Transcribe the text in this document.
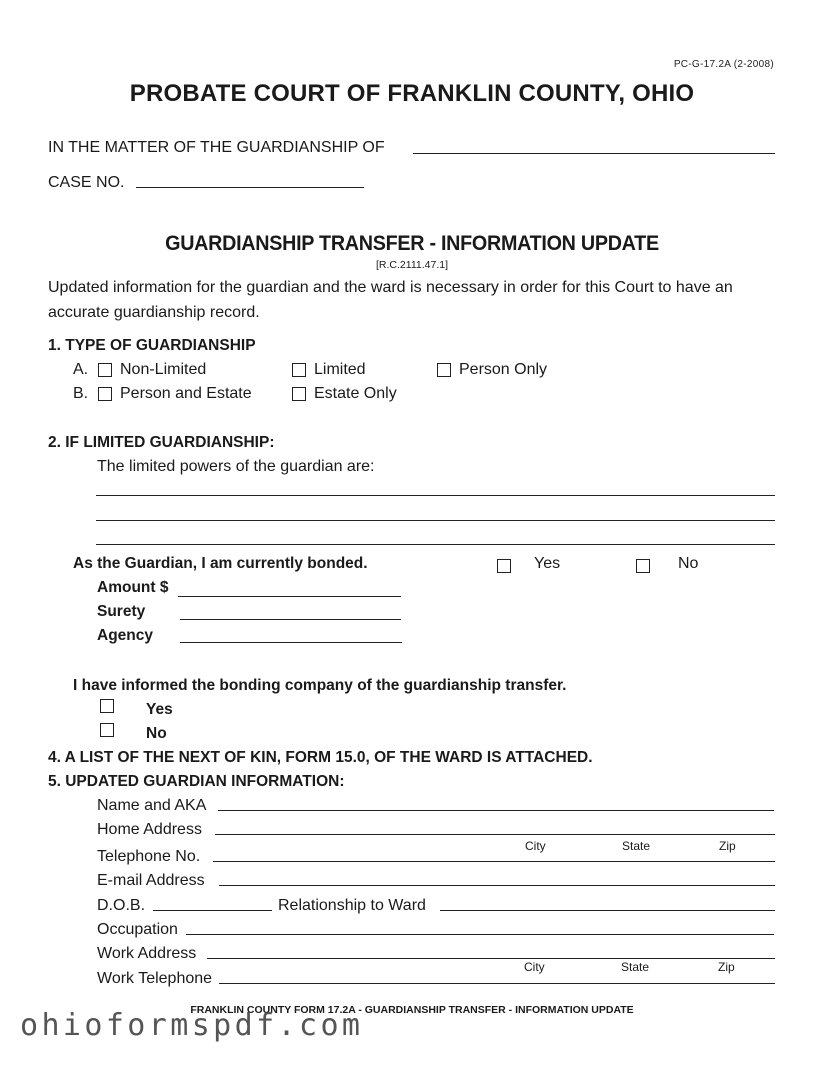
PC-G-17.2A (2-2008)
PROBATE COURT OF FRANKLIN COUNTY, OHIO
IN THE MATTER OF THE GUARDIANSHIP OF
CASE NO.
GUARDIANSHIP TRANSFER - INFORMATION UPDATE
[R.C.2111.47.1]
Updated information for the guardian and the ward is necessary in order for this Court to have an accurate guardianship record.
1. TYPE OF GUARDIANSHIP
A. Non-Limited	Limited	Person Only
B. Person and Estate	Estate Only
2. IF LIMITED GUARDIANSHIP:
The limited powers of the guardian are:
As the Guardian, I am currently bonded.	Yes	No
Amount $
Surety
Agency
I have informed the bonding company of the guardianship transfer.
Yes
No
4. A LIST OF THE NEXT OF KIN, FORM 15.0, OF THE WARD IS ATTACHED.
5. UPDATED GUARDIAN INFORMATION:
Name and AKA
Home Address
City	State	Zip
Telephone No.
E-mail Address
D.O.B.	Relationship to Ward
Occupation
Work Address
City	State	Zip
Work Telephone
FRANKLIN COUNTY FORM 17.2A - GUARDIANSHIP TRANSFER - INFORMATION UPDATE
ohioformspdf.com
